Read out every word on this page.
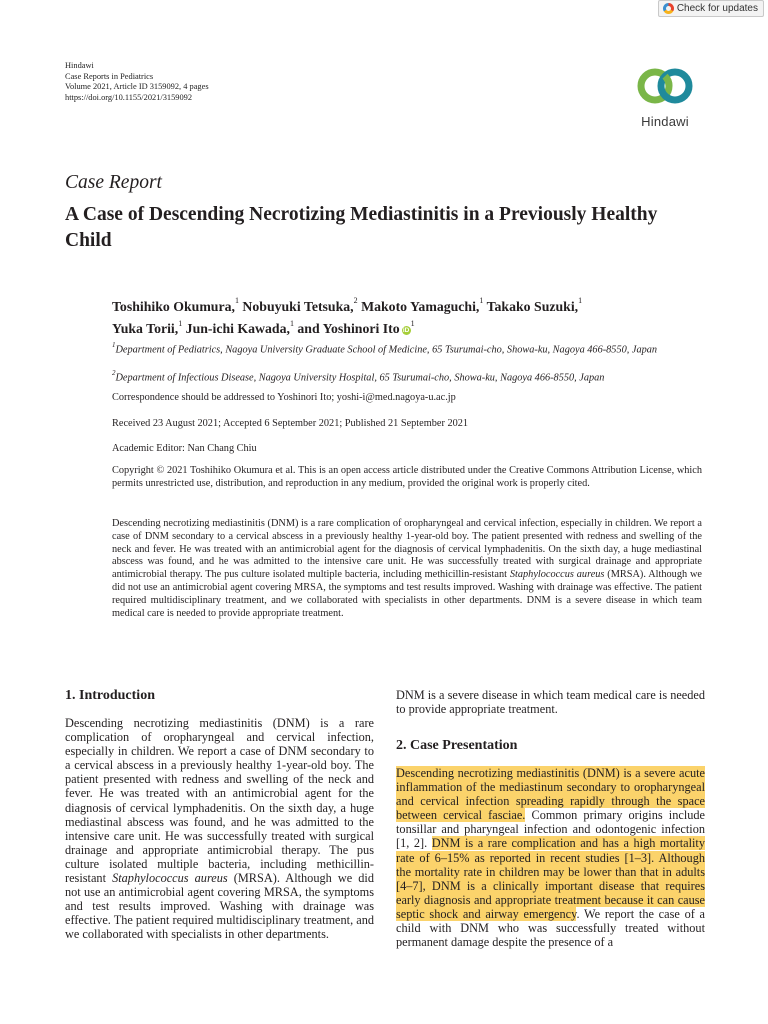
Check for updates
Hindawi
Case Reports in Pediatrics
Volume 2021, Article ID 3159092, 4 pages
https://doi.org/10.1155/2021/3159092
Hindawi
Case Report
A Case of Descending Necrotizing Mediastinitis in a Previously Healthy Child
Toshihiko Okumura,$^1$ Nobuyuki Tetsuka,$^2$ Makoto Yamaguchi,$^1$ Takako Suzuki,$^1$
Yuka Torii,$^1$ Jun-ichi Kawada,$^1$ and Yoshinori Ito $iD^1$
$^1$Department of Pediatrics, Nagoya University Graduate School of Medicine, 65 Tsurumai-cho, Showa-ku, Nagoya 466-8550, Japan
$^2$Department of Infectious Disease, Nagoya University Hospital, 65 Tsurumai-cho, Showa-ku, Nagoya 466-8550, Japan
Correspondence should be addressed to Yoshinori Ito; yoshi-i@med.nagoya-u.ac.jp
Received 23 August 2021; Accepted 6 September 2021; Published 21 September 2021
Academic Editor: Nan Chang Chiu
Copyright © 2021 Toshihiko Okumura et al. This is an open access article distributed under the Creative Commons Attribution License, which permits unrestricted use, distribution, and reproduction in any medium, provided the original work is properly cited.
Descending necrotizing mediastinitis (DNM) is a rare complication of oropharyngeal and cervical infection, especially in children. We report a case of DNM secondary to a cervical abscess in a previously healthy 1-year-old boy. The patient presented with redness and swelling of the neck and fever. He was treated with an antimicrobial agent for the diagnosis of cervical lymphadenitis. On the sixth day, a huge mediastinal abscess was found, and he was admitted to the intensive care unit. He was successfully treated with surgical drainage and appropriate antimicrobial therapy. The pus culture isolated multiple bacteria, including methicillin-resistant Staphylococcus aureus (MRSA). Although we did not use an antimicrobial agent covering MRSA, the symptoms and test results improved. Washing with drainage was effective. The patient required multidisciplinary treatment, and we collaborated with specialists in other departments. DNM is a severe disease in which team medical care is needed to provide appropriate treatment.
1. Introduction
Descending necrotizing mediastinitis (DNM) is a rare complication of oropharyngeal and cervical infection, especially in children. We report a case of DNM secondary to a cervical abscess in a previously healthy 1-year-old boy. The patient presented with redness and swelling of the neck and fever. He was treated with an antimicrobial agent for the diagnosis of cervical lymphadenitis. On the sixth day, a huge mediastinal abscess was found, and he was admitted to the intensive care unit. He was successfully treated with surgical drainage and appropriate antimicrobial therapy. The pus culture isolated multiple bacteria, including methicillin-resistant Staphylococcus aureus (MRSA). Although we did not use an antimicrobial agent covering MRSA, the symptoms and test results improved. Washing with drainage was effective. The patient required multidisciplinary treatment, and we collaborated with specialists in other departments.
DNM is a severe disease in which team medical care is needed to provide appropriate treatment.
2. Case Presentation
Descending necrotizing mediastinitis (DNM) is a severe acute inflammation of the mediastinum secondary to oropharyngeal and cervical infection spreading rapidly through the space between cervical fasciae. Common primary origins include tonsillar and pharyngeal infection and odontogenic infection [1, 2]. DNM is a rare complication and has a high mortality rate of 6–15% as reported in recent studies [1–3]. Although the mortality rate in children may be lower than that in adults [4–7], DNM is a clinically important disease that requires early diagnosis and appropriate treatment because it can cause septic shock and airway emergency. We report the case of a child with DNM who was successfully treated without permanent damage despite the presence of a
